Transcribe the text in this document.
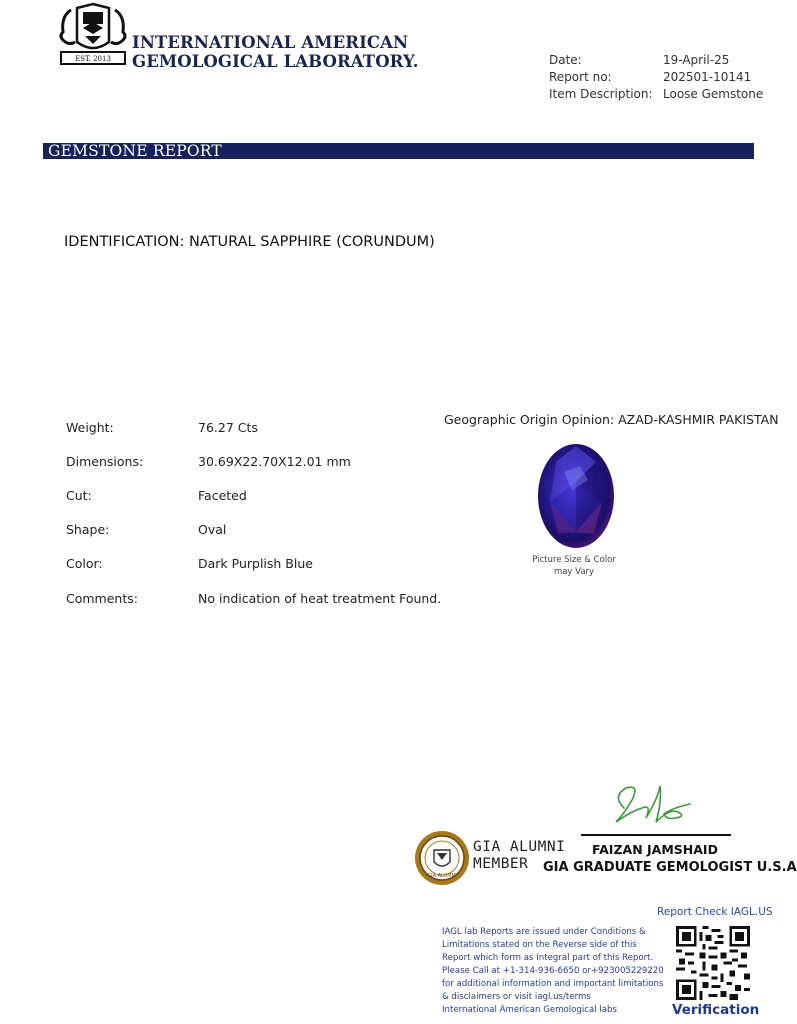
EST. 2013
INTERNATIONAL AMERICAN
GEMOLOGICAL LABORATORY.	Date:	19-April-25
Report no:	202501-10141
Item Description: Loose Gemstone
GEMSTONE REPORT
IDENTIFICATION: NATURAL SAPPHIRE (CORUNDUM)
Weight:	76.27 Cts
Dimensions:	30.69X22.70X12.01 mm
Cut:	Faceted
Shape:	Oval
Color:	Dark Purplish Blue
Comments:	No indication of heat treatment Found.
Geographic Origin Opinion: AZAD-KASHMIR PAKISTAN
Picture Size & Color
may Vary
FAIZAN JAMSHAID
GIA GRADUATE GEMOLOGIST U.S.A
GIA ALUMNI
GIA ALUMNI
MEMBER
Report Check IAGL.US
IAGL lab Reports are issued under Conditions &
Limitations stated on the Reverse side of this
Report which form as Integral part of this Report.
Please Call at +1-314-936-6650 or+923005229220
for additional information and important limitations
& disclaimers or visit iagl.us/terms
International American Gemological labs	Verification
